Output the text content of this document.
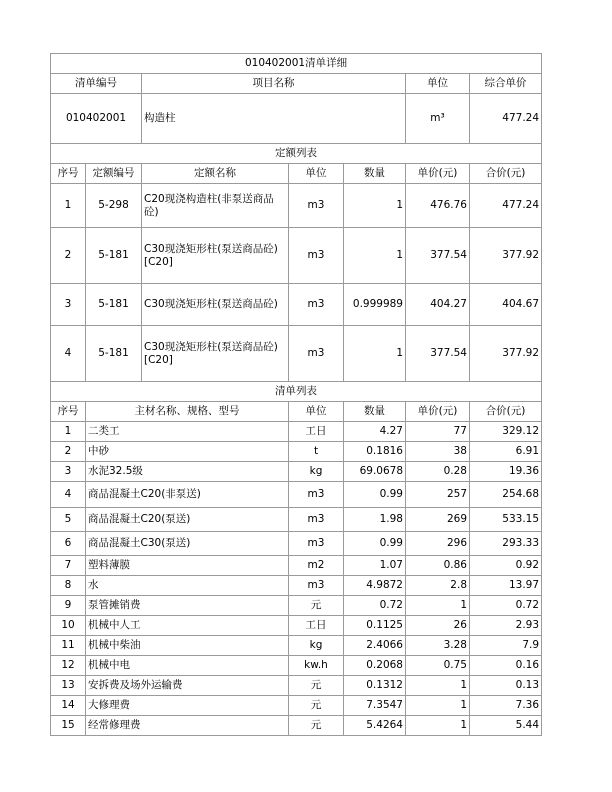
010402001清单详细						
清单编号		项目名称			单位	综合单价
010402001		构造柱			m³	477.24
定额列表						
序号	定额编号	定额名称	单位	数量	单价(元)	合价(元)
1	5-298	C20现浇构造柱(非泵送商品砼)	m3	1	476.76	477.24
2	5-181	C30现浇矩形柱(泵送商品砼)[C20]	m3	1	377.54	377.92
3	5-181	C30现浇矩形柱(泵送商品砼)	m3	0.999989	404.27	404.67
4	5-181	C30现浇矩形柱(泵送商品砼)[C20]	m3	1	377.54	377.92
清单列表						
序号	主材名称、规格、型号		单位	数量	单价(元)	合价(元)
1	二类工		工日	4.27	77	329.12
2	中砂		t	0.1816	38	6.91
3	水泥32.5级		kg	69.0678	0.28	19.36
4	商品混凝土C20(非泵送)		m3	0.99	257	254.68
5	商品混凝土C20(泵送)		m3	1.98	269	533.15
6	商品混凝土C30(泵送)		m3	0.99	296	293.33
7	塑料薄膜		m2	1.07	0.86	0.92
8	水		m3	4.9872	2.8	13.97
9	泵管摊销费		元	0.72	1	0.72
10	机械中人工		工日	0.1125	26	2.93
11	机械中柴油		kg	2.4066	3.28	7.9
12	机械中电		kw.h	0.2068	0.75	0.16
13	安拆费及场外运输费		元	0.1312	1	0.13
14	大修理费		元	7.3547	1	7.36
15	经常修理费		元	5.4264	1	5.44
